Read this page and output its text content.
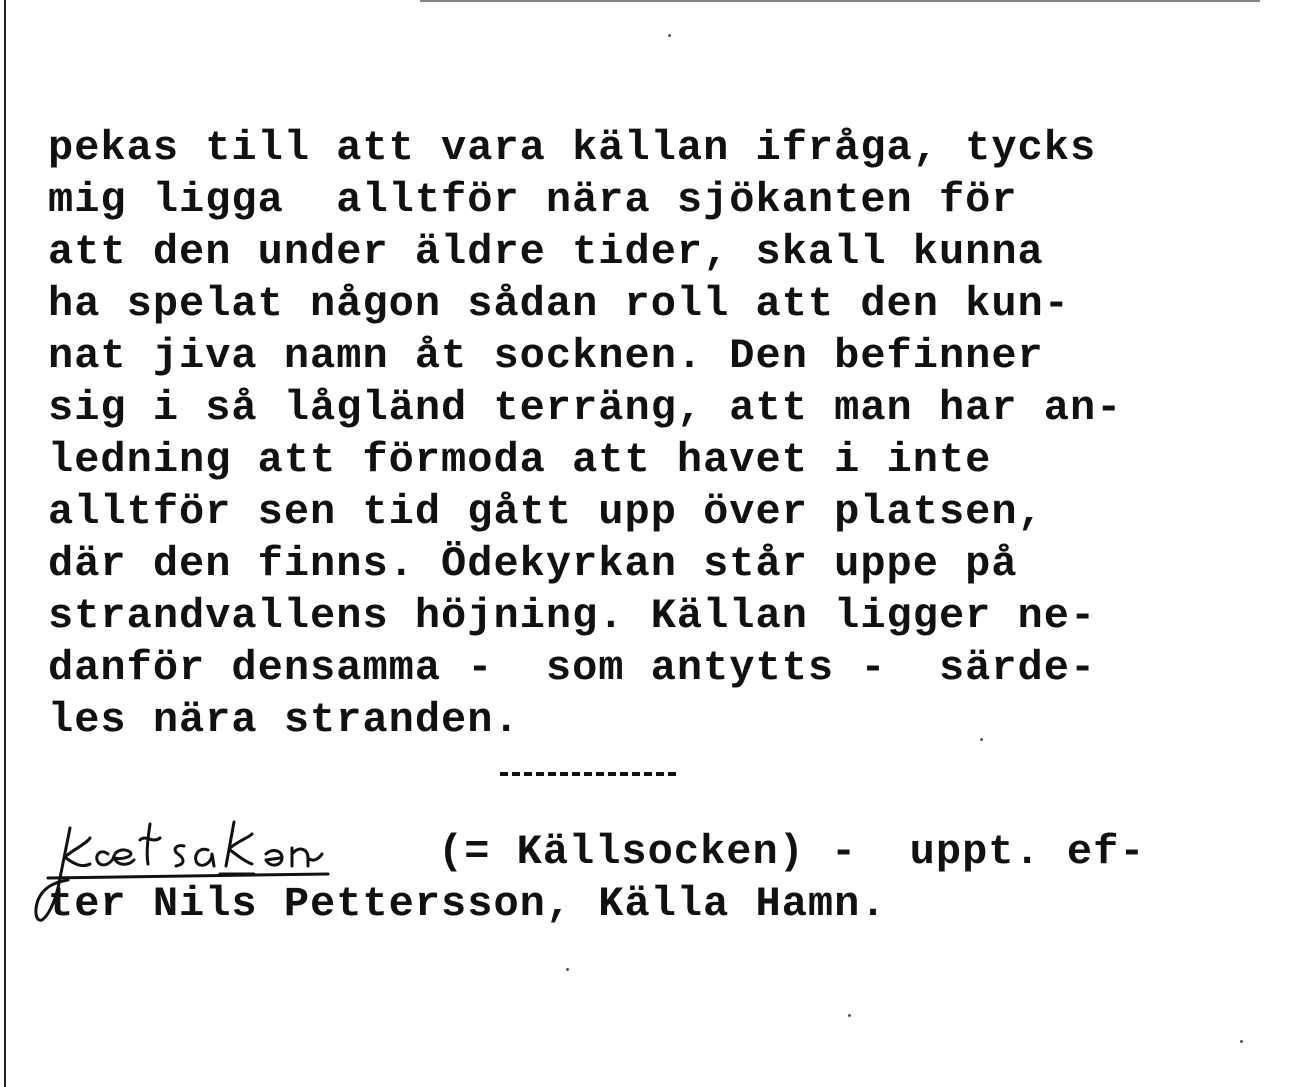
pekas till att vara källan ifråga, tycks
mig ligga  alltför nära sjökanten för
att den under äldre tider, skall kunna
ha spelat någon sådan roll att den kun-
nat jiva namn åt socknen. Den befinner
sig i så lågländ terräng, att man har an-
ledning att förmoda att havet i inte
alltför sen tid gått upp över platsen,
där den finns. Ödekyrkan står uppe på
strandvallens höjning. Källan ligger ne-
danför densamma -  som antytts -  särde-
les nära stranden.
kælsakən
(= Källsocken) -  uppt. ef-
ter Nils Pettersson, Källa Hamn.
